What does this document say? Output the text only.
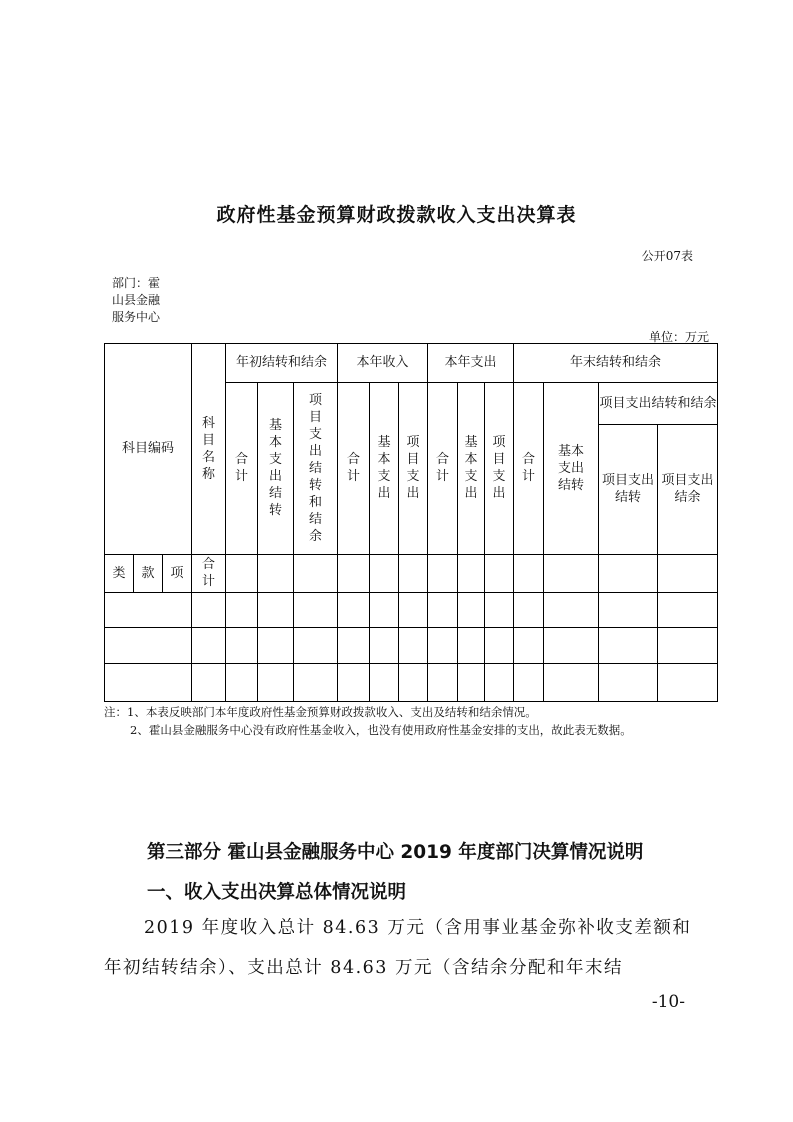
政府性基金预算财政拨款收入支出决算表
公开07表
部门：霍山县金融服务中心
单位：万元
科目编码			科目名称	年初结转和结余			本年收入			本年支出			年末结转和结余			
				合计	基本支出结转	项目支出结转和结余	合计	基本支出	项目支出	合计	基本支出	项目支出	合计	基本支出结转	项目支出结转和结余	
															项目支出结转	项目支出结余
类	款	项	合计													

注：1、本表反映部门本年度政府性基金预算财政拨款收入、支出及结转和结余情况。
2、霍山县金融服务中心没有政府性基金收入，也没有使用政府性基金安排的支出，故此表无数据。
第三部分 霍山县金融服务中心 2019 年度部门决算情况说明
一、收入支出决算总体情况说明
2019 年度收入总计 84.63 万元（含用事业基金弥补收支差额和年初结转结余）、支出总计 84.63 万元（含结余分配和年末结
-10-
